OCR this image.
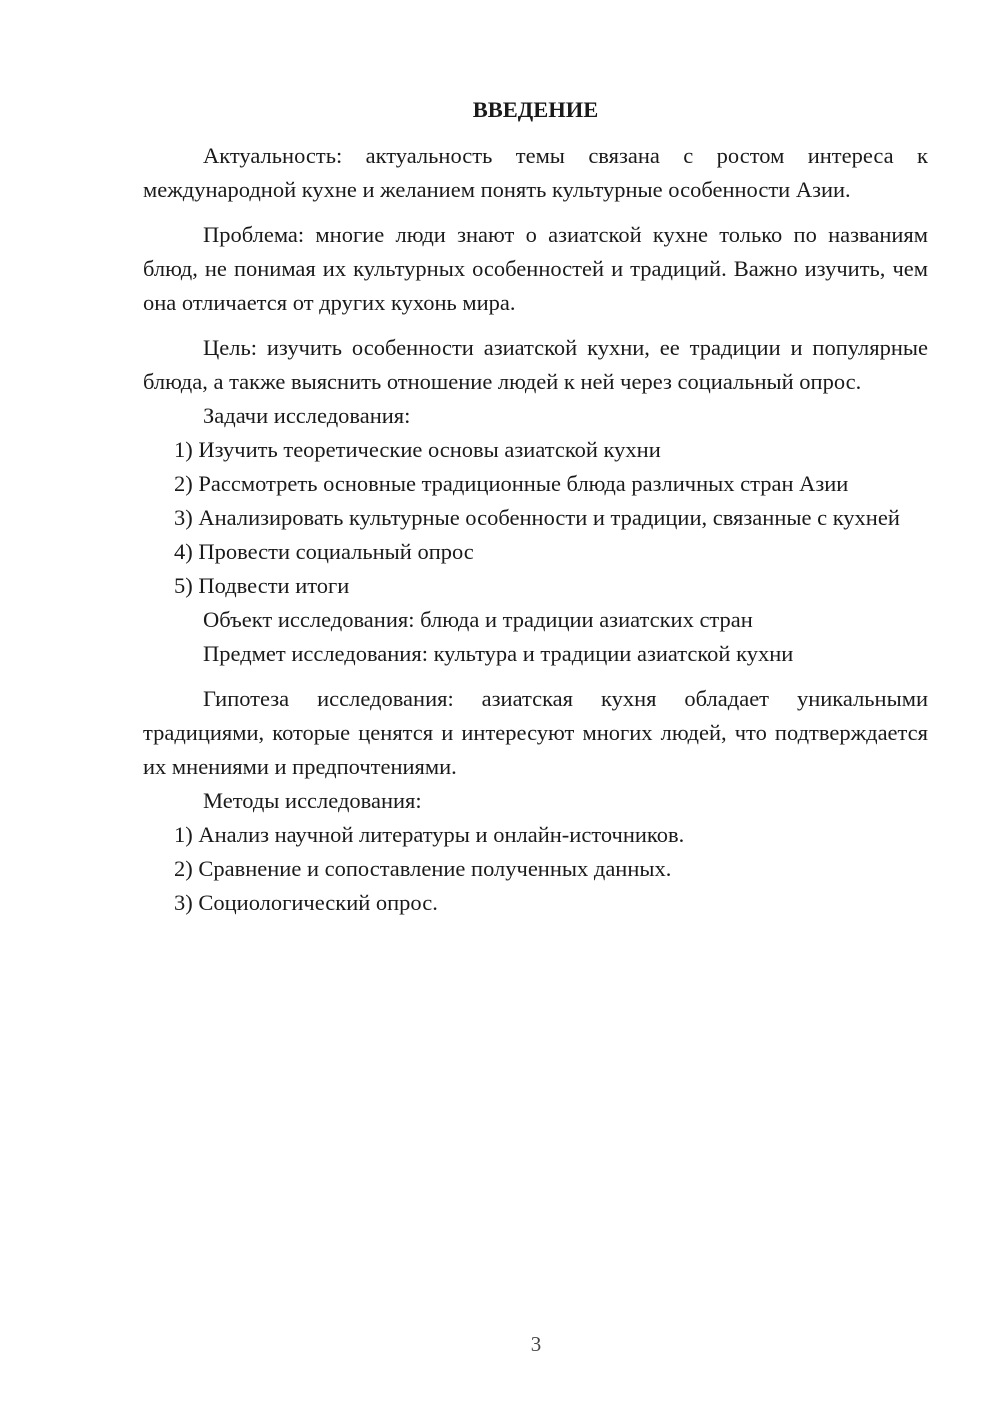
ВВЕДЕНИЕ

Актуальность: актуальность темы связана с ростом интереса к международной кухне и желанием понять культурные особенности Азии.

Проблема: многие люди знают о азиатской кухне только по названиям блюд, не понимая их культурных особенностей и традиций. Важно изучить, чем она отличается от других кухонь мира.

Цель: изучить особенности азиатской кухни, ее традиции и популярные блюда, а также выяснить отношение людей к ней через социальный опрос.

Задачи исследования:

1) Изучить теоретические основы азиатской кухни

2) Рассмотреть основные традиционные блюда различных стран Азии

3) Анализировать культурные особенности и традиции, связанные с кухней

4) Провести социальный опрос

5) Подвести итоги

Объект исследования: блюда и традиции азиатских стран

Предмет исследования: культура и традиции азиатской кухни

Гипотеза исследования: азиатская кухня обладает уникальными традициями, которые ценятся и интересуют многих людей, что подтверждается их мнениями и предпочтениями.

Методы исследования:

1) Анализ научной литературы и онлайн-источников.

2) Сравнение и сопоставление полученных данных.

3) Социологический опрос.

3
